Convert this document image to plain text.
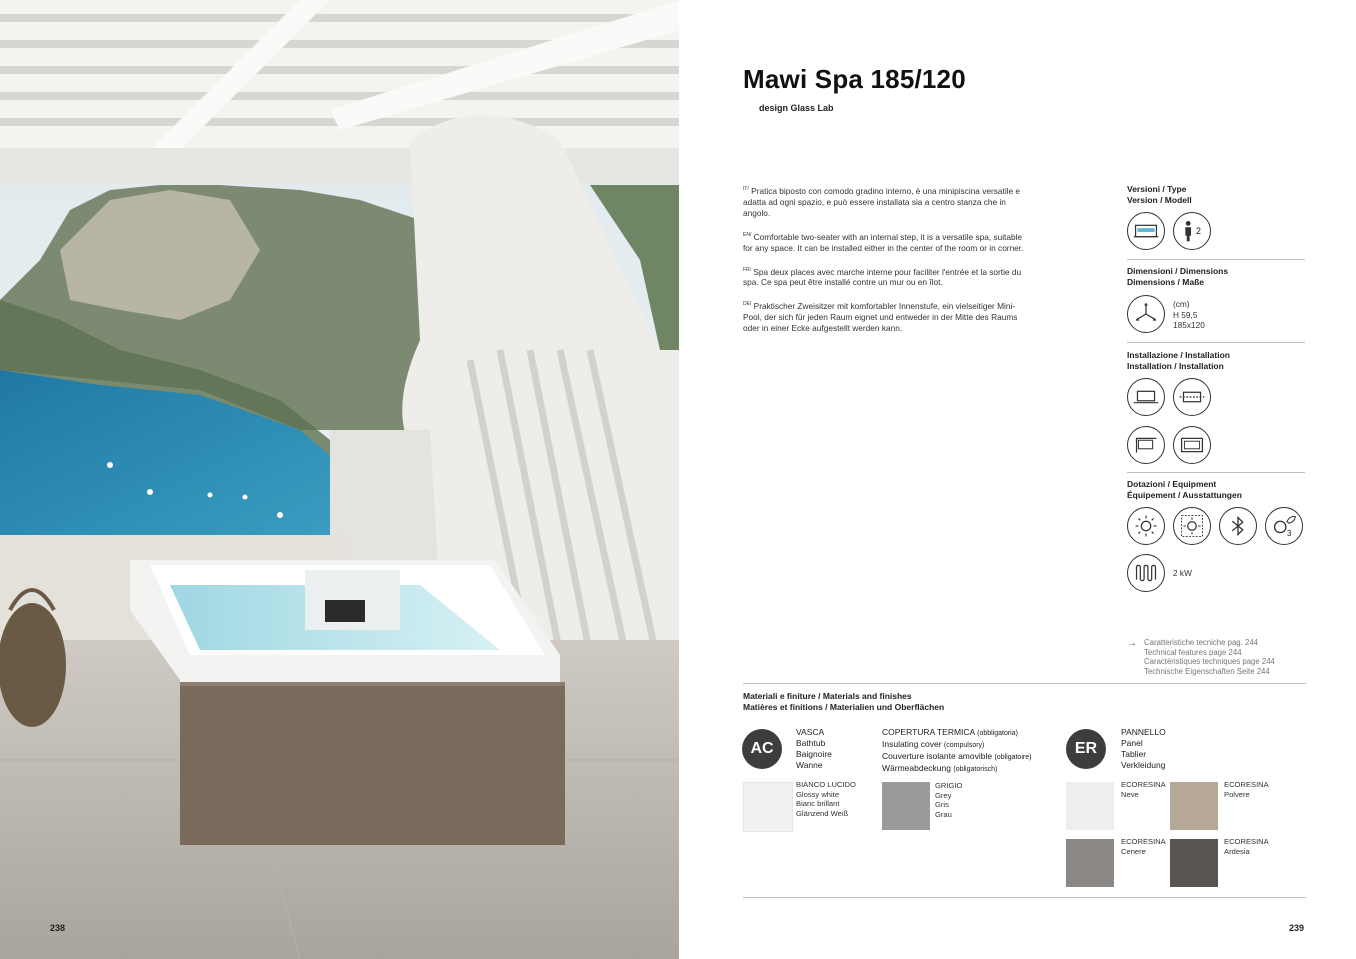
238
Mawi Spa 185/120
design Glass Lab

$^{IT/}$ Pratica biposto con comodo gradino interno, è una minipiscina versatile e adatta ad ogni spazio, e può essere installata sia a centro stanza che in angolo.

$^{EN/}$ Comfortable two-seater with an internal step, it is a versatile spa, suitable for any space. It can be installed either in the center of the room or in corner.

$^{FR/}$ Spa deux places avec marche interne pour faciliter l'entrée et la sortie du spa. Ce spa peut être installé contre un mur ou en îlot.

$^{DE/}$ Praktischer Zweisitzer mit komfortabler Innenstufe, ein vielseitiger Mini-Pool, der sich für jeden Raum eignet und entweder in der Mitte des Raums oder in einer Ecke aufgestellt werden kann.

Versioni / Type
Version / Modell
2
Dimensioni / Dimensions
Dimensions / Maße
(cm)
H 59,5
185x120
Installazione / Installation
Installation / Installation
Dotazioni / Equipment
Équipement / Ausstattungen
3
2 kW
→ Caratteristiche tecniche pag. 244
Technical features page 244
Caractéristiques techniques page 244
Technische Eigenschaften Seite 244
Materiali e finiture / Materials and finishes
Matières et finitions / Materialien und Oberflächen
AC
VASCA
Bathtub
Baignoire
Wanne
COPERTURA TERMICA (obbligatoria)
Insulating cover (compulsory)
Couverture isolante amovible (obligatoire)
Wärmeabdeckung (obligatorisch)
ER
PANNELLO
Panel
Tablier
Verkleidung
BIANCO LUCIDO
Glossy white
Bianc brillant
Glänzend Weiß
GRIGIO
Grey
Gris
Grau
ECORESINA
Neve
ECORESINA
Polvere
ECORESINA
Cenere
ECORESINA
Ardesia
239
